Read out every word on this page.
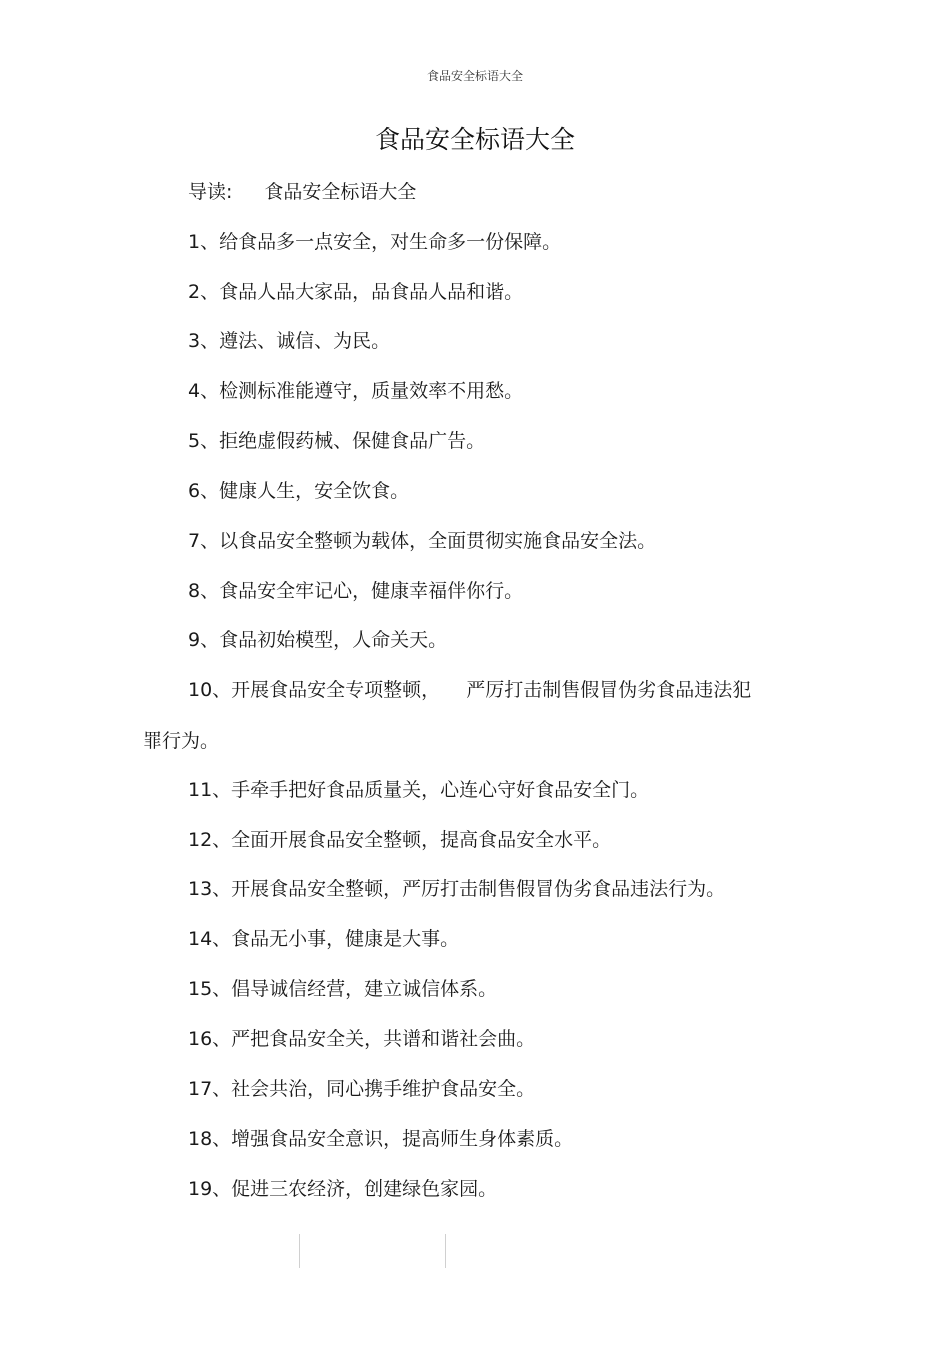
食品安全标语大全
食品安全标语大全
导读: 食品安全标语大全
1、给食品多一点安全，对生命多一份保障。
2、食品人品大家品，品食品人品和谐。
3、遵法、诚信、为民。
4、检测标准能遵守，质量效率不用愁。
5、拒绝虚假药械、保健食品广告。
6、健康人生，安全饮食。
7、以食品安全整顿为载体，全面贯彻实施食品安全法。
8、食品安全牢记心，健康幸福伴你行。
9、食品初始模型，人命关天。
10、开展食品安全专项整顿， 严厉打击制售假冒伪劣食品违法犯
罪行为。
11、手牵手把好食品质量关，心连心守好食品安全门。
12、全面开展食品安全整顿，提高食品安全水平。
13、开展食品安全整顿，严厉打击制售假冒伪劣食品违法行为。
14、食品无小事，健康是大事。
15、倡导诚信经营，建立诚信体系。
16、严把食品安全关，共谱和谐社会曲。
17、社会共治，同心携手维护食品安全。
18、增强食品安全意识，提高师生身体素质。
19、促进三农经济，创建绿色家园。
